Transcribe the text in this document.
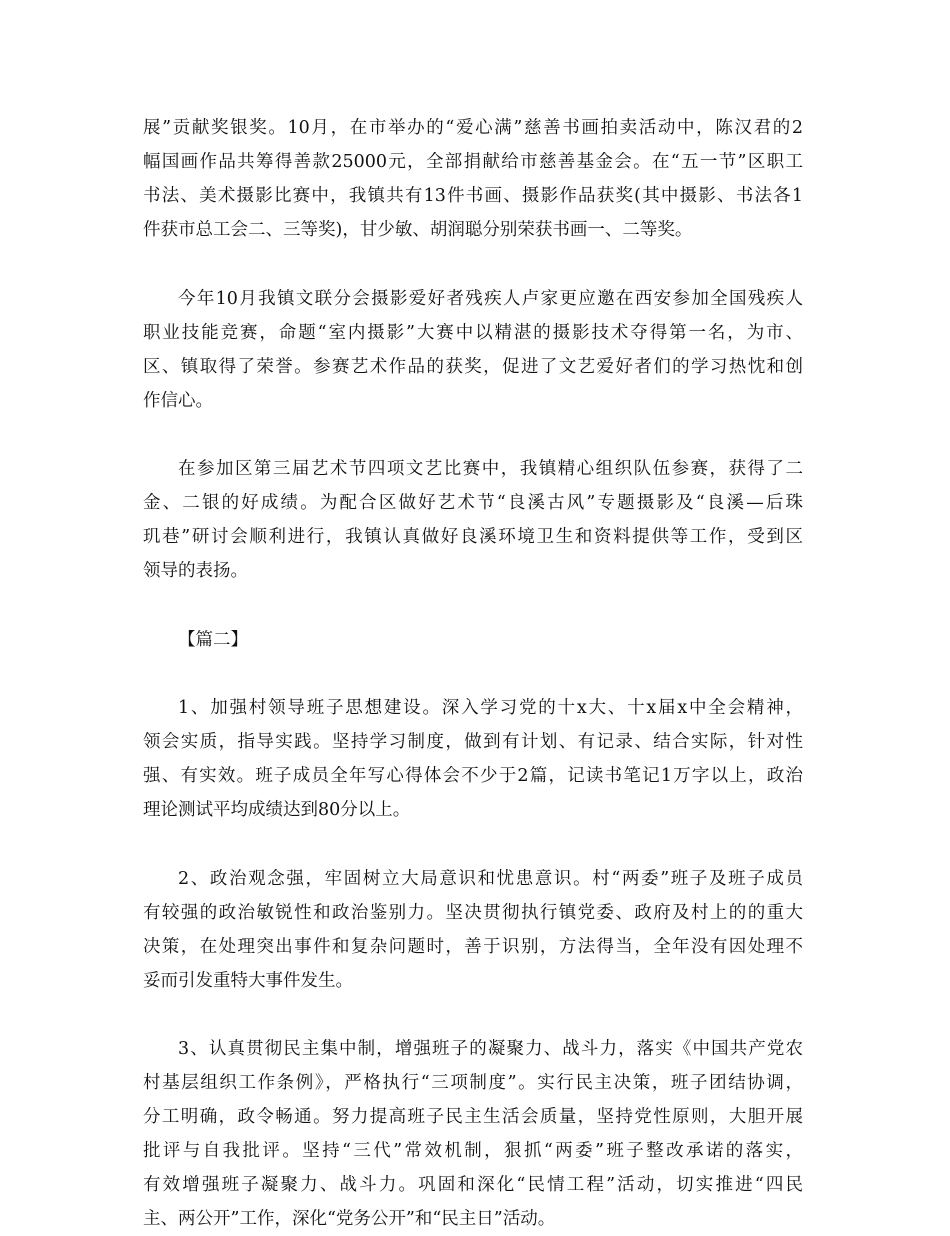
展”贡献奖银奖。10月，在市举办的“爱心满”慈善书画拍卖活动中，陈汉君的2
幅国画作品共筹得善款25000元，全部捐献给市慈善基金会。在“五一节”区职工
书法、美术摄影比赛中，我镇共有13件书画、摄影作品获奖(其中摄影、书法各1
件获市总工会二、三等奖)，甘少敏、胡润聪分别荣获书画一、二等奖。
今年10月我镇文联分会摄影爱好者残疾人卢家更应邀在西安参加全国残疾人
职业技能竞赛，命题“室内摄影”大赛中以精湛的摄影技术夺得第一名，为市、
区、镇取得了荣誉。参赛艺术作品的获奖，促进了文艺爱好者们的学习热忱和创
作信心。
在参加区第三届艺术节四项文艺比赛中，我镇精心组织队伍参赛，获得了二
金、二银的好成绩。为配合区做好艺术节“良溪古风”专题摄影及“良溪—后珠
玑巷”研讨会顺利进行，我镇认真做好良溪环境卫生和资料提供等工作，受到区
领导的表扬。
【篇二】
1、加强村领导班子思想建设。深入学习党的十x大、十x届x中全会精神，
领会实质，指导实践。坚持学习制度，做到有计划、有记录、结合实际，针对性
强、有实效。班子成员全年写心得体会不少于2篇，记读书笔记1万字以上，政治
理论测试平均成绩达到80分以上。
2、政治观念强，牢固树立大局意识和忧患意识。村“两委”班子及班子成员
有较强的政治敏锐性和政治鉴别力。坚决贯彻执行镇党委、政府及村上的的重大
决策，在处理突出事件和复杂问题时，善于识别，方法得当，全年没有因处理不
妥而引发重特大事件发生。
3、认真贯彻民主集中制，增强班子的凝聚力、战斗力，落实《中国共产党农
村基层组织工作条例》，严格执行“三项制度”。实行民主决策，班子团结协调，
分工明确，政令畅通。努力提高班子民主生活会质量，坚持党性原则，大胆开展
批评与自我批评。坚持“三代”常效机制，狠抓“两委”班子整改承诺的落实，
有效增强班子凝聚力、战斗力。巩固和深化“民情工程”活动，切实推进“四民
主、两公开”工作，深化“党务公开”和“民主日”活动。
